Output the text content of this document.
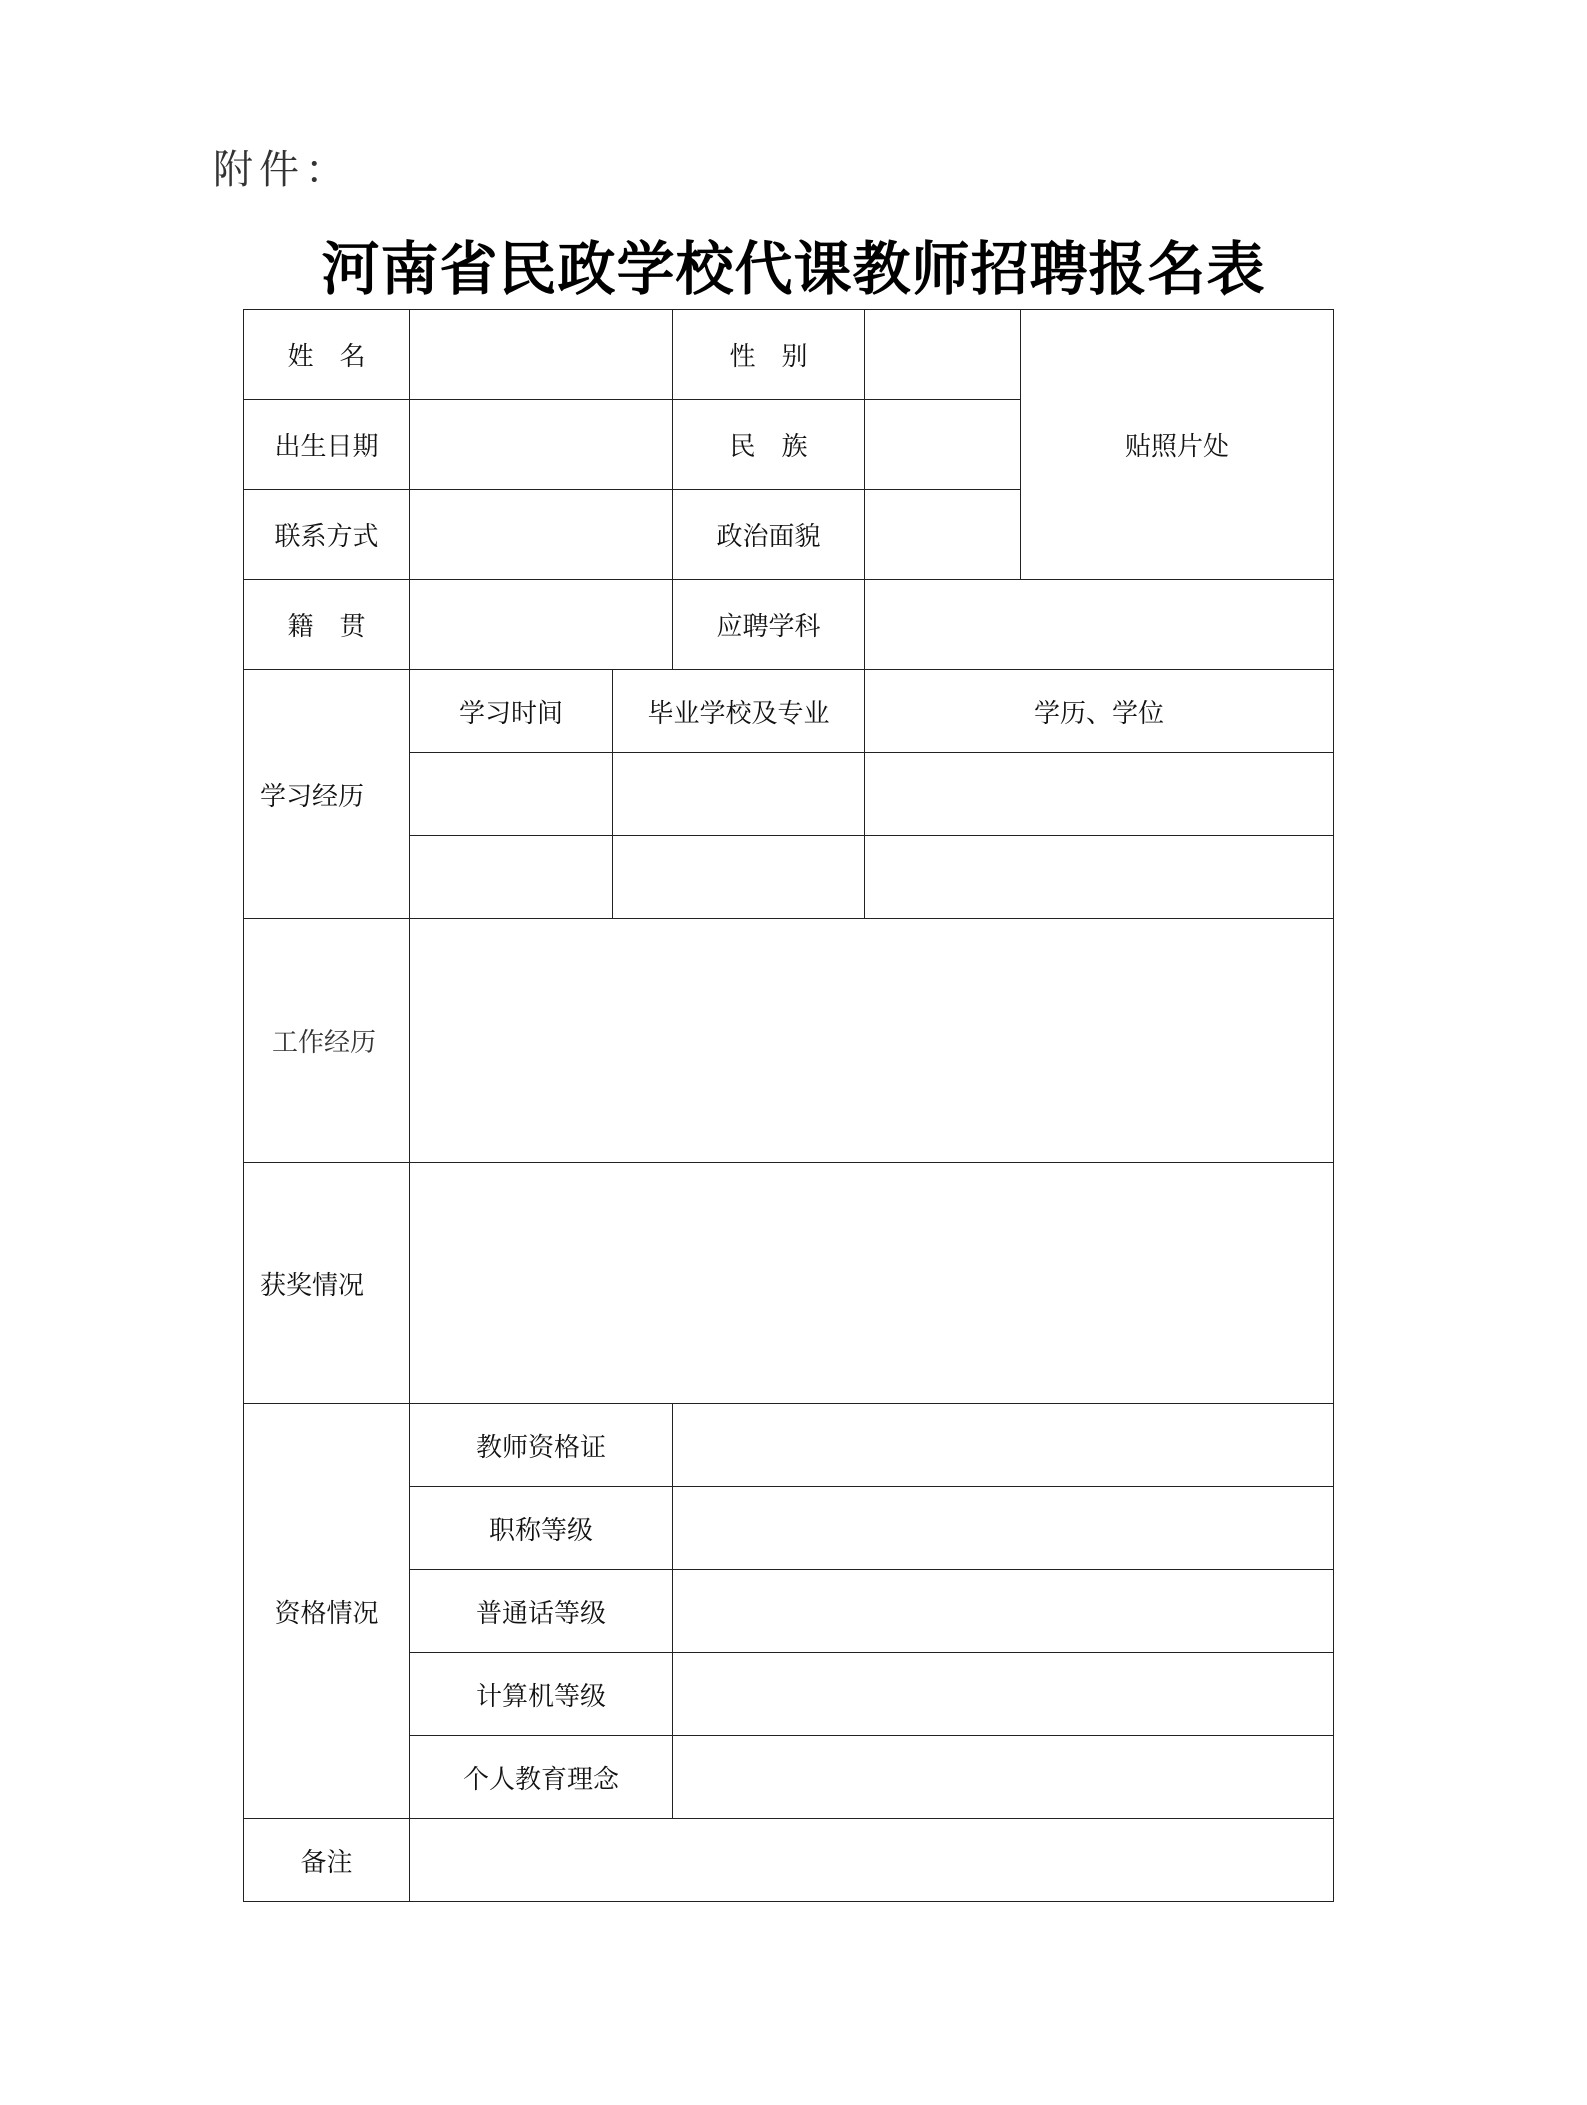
附件：
河南省民政学校代课教师招聘报名表
姓　名			性　别		贴照片处
出生日期			民　族		
联系方式			政治面貌		
籍　贯			应聘学科		
学习经历	学习时间	毕业学校及专业		学历、学位	

工作经历					
获奖情况					
资格情况	教师资格证				
	职称等级				
	普通话等级				
	计算机等级				
	个人教育理念				
备注					
